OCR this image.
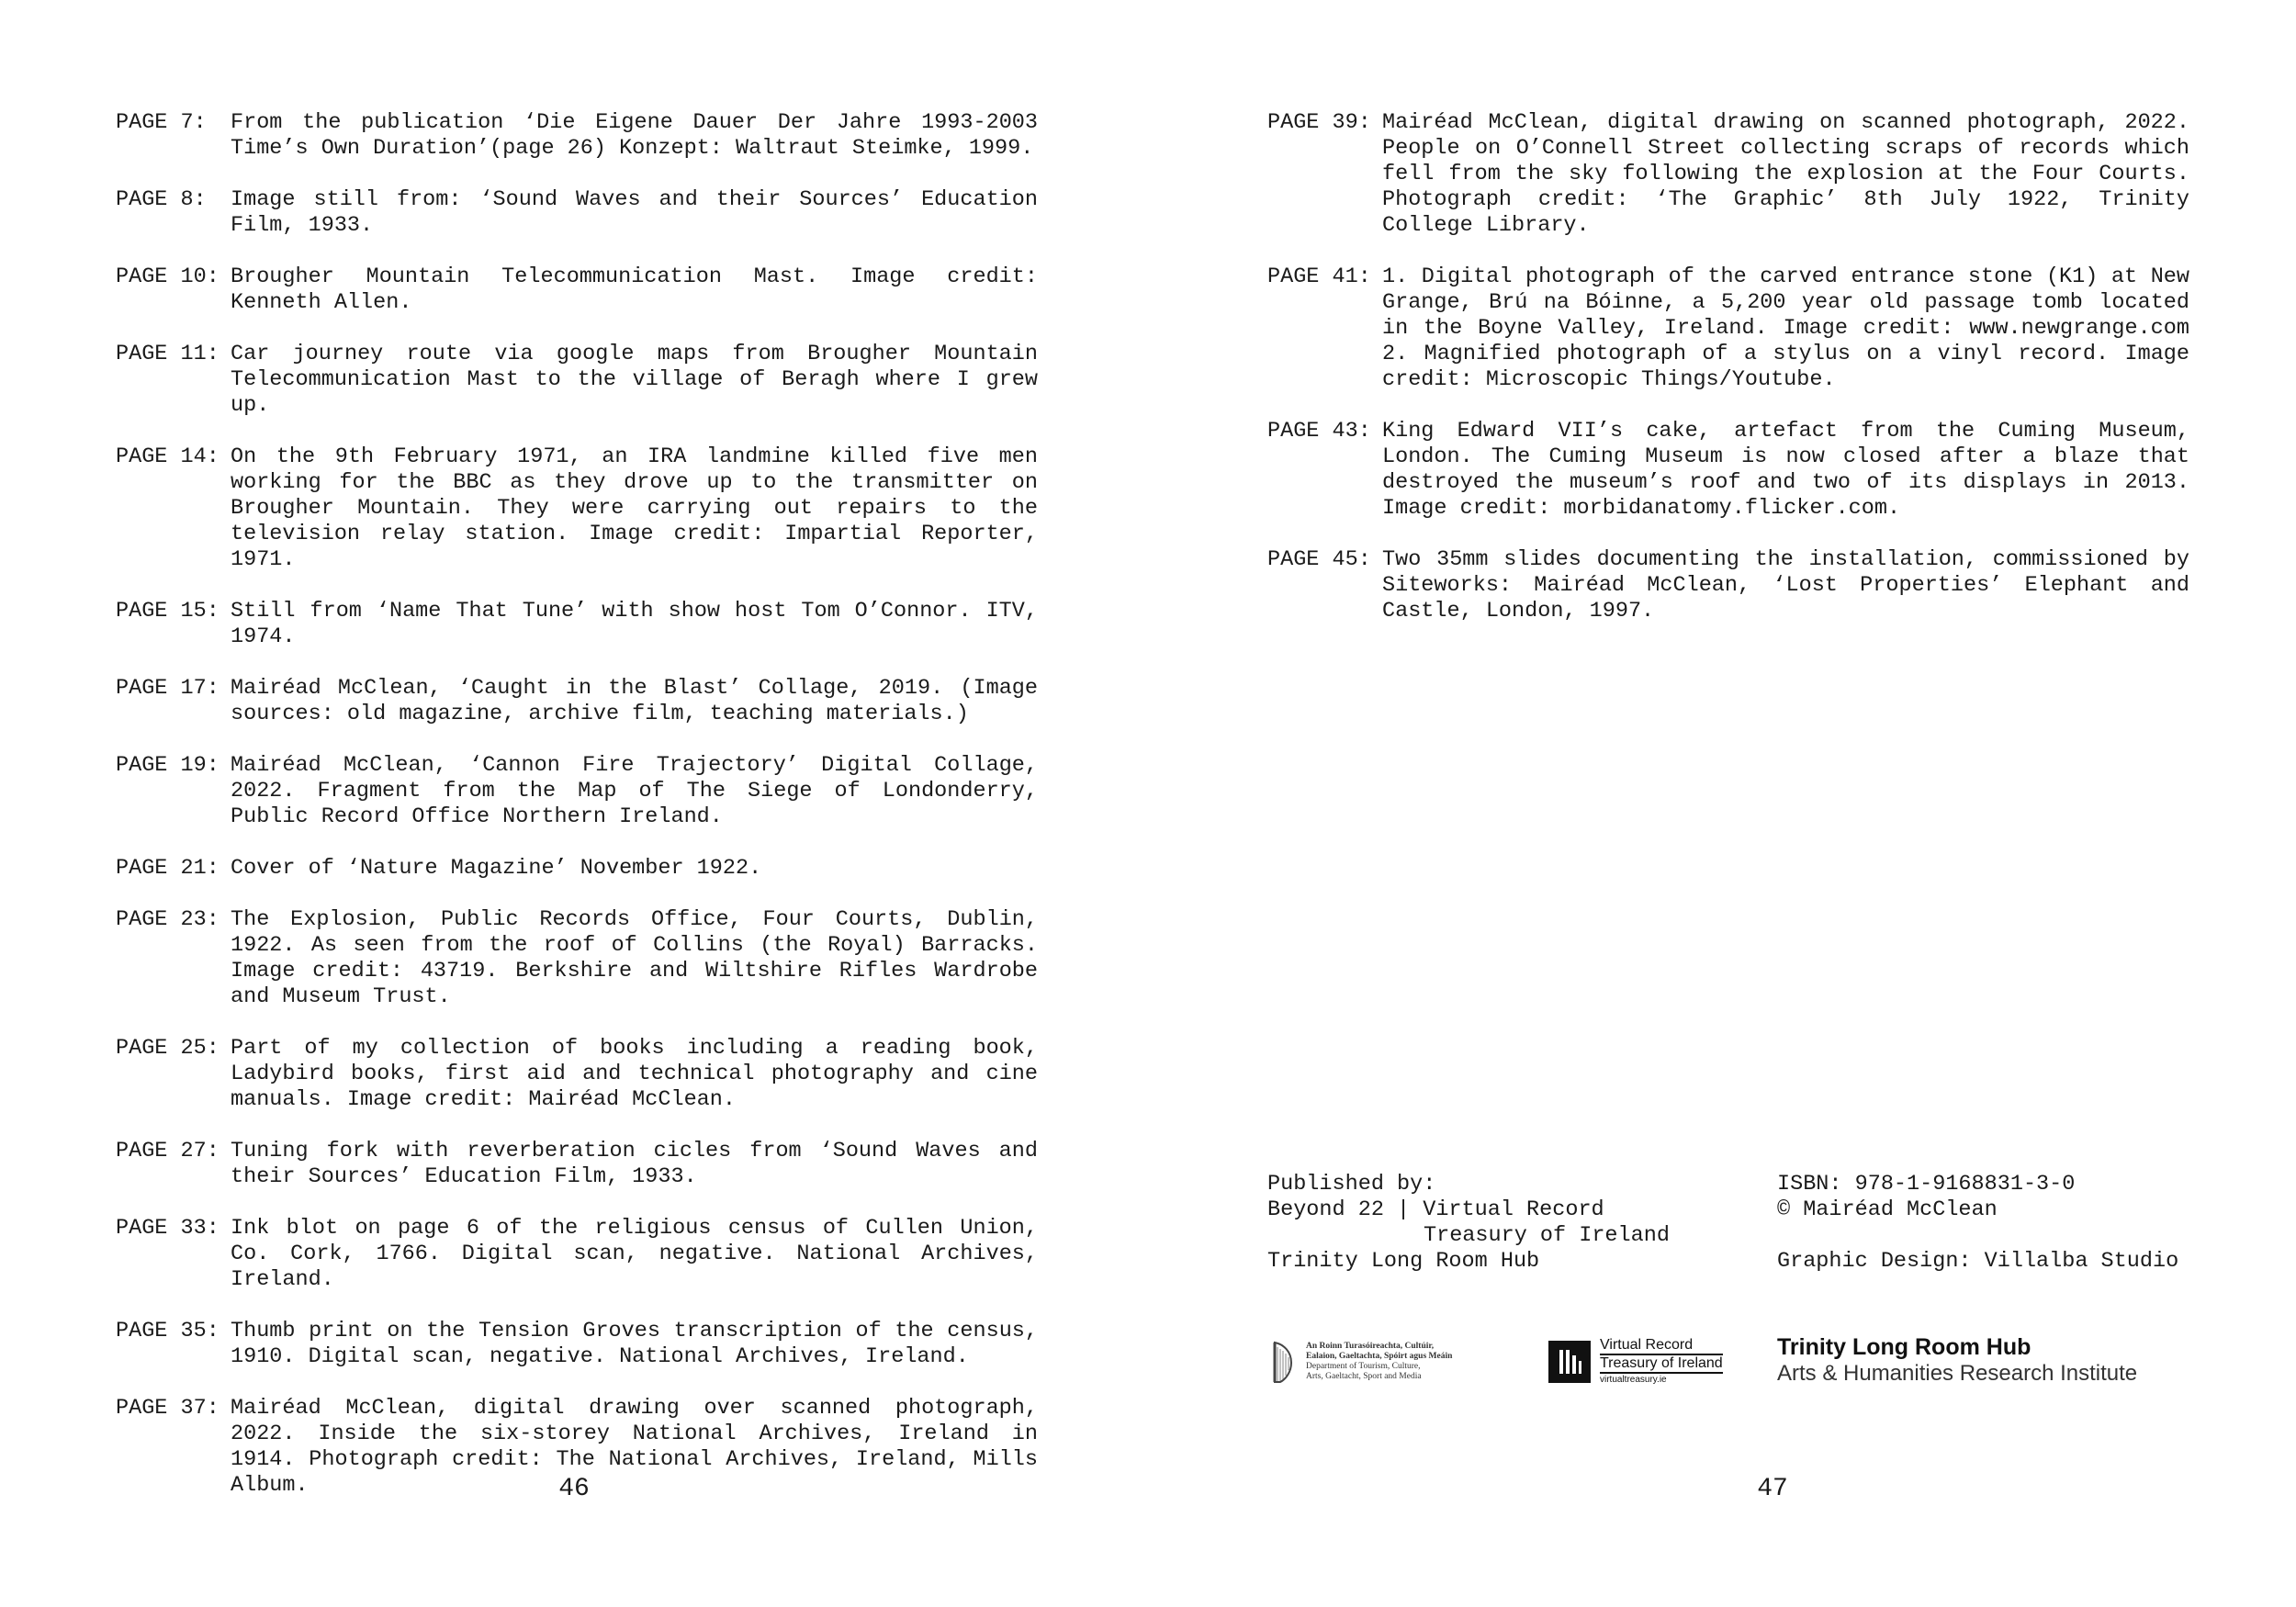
PAGE 7:	From the publication ‘Die Eigene Dauer Der Jahre 1993-2003 Time’s Own Duration’(page 26) Konzept: Waltraut Steimke, 1999.
PAGE 8:	Image still from: ‘Sound Waves and their Sources’ Education Film, 1933.
PAGE 10: Brougher Mountain Telecommunication Mast. Image credit: Kenneth Allen.
PAGE 11: Car journey route via google maps from Brougher Mountain Telecommunication Mast to the village of Beragh where I grew up.
PAGE 14: On the 9th February 1971, an IRA landmine killed five men working for the BBC as they drove up to the transmitter on Brougher Mountain. They were carrying out repairs to the television relay station. Image credit: Impartial Reporter, 1971.
PAGE 15: Still from ‘Name That Tune’ with show host Tom O’Connor. ITV, 1974.
PAGE 17: Mairéad McClean, ‘Caught in the Blast’ Collage, 2019. (Image sources: old magazine, archive film, teaching materials.)
PAGE 19: Mairéad McClean, ‘Cannon Fire Trajectory’ Digital Collage, 2022. Fragment from the Map of The Siege of Londonderry, Public Record Office Northern Ireland.
PAGE 21: Cover of ‘Nature Magazine’ November 1922.
PAGE 23: The Explosion, Public Records Office, Four Courts, Dublin, 1922. As seen from the roof of Collins (the Royal) Barracks. Image credit: 43719. Berkshire and Wiltshire Rifles Wardrobe and Museum Trust.
PAGE 25: Part of my collection of books including a reading book, Ladybird books, first aid and technical photography and cine manuals. Image credit: Mairéad McClean.
PAGE 27: Tuning fork with reverberation cicles from ‘Sound Waves and their Sources’ Education Film, 1933.
PAGE 33: Ink blot on page 6 of the religious census of Cullen Union, Co. Cork, 1766. Digital scan, negative. National Archives, Ireland.
PAGE 35: Thumb print on the Tension Groves transcription of the census, 1910. Digital scan, negative. National Archives, Ireland.
PAGE 37: Mairéad McClean, digital drawing over scanned photograph, 2022. Inside the six-storey National Archives, Ireland in 1914. Photograph credit: The National Archives, Ireland, Mills Album.	46
PAGE 39: Mairéad McClean, digital drawing on scanned photograph, 2022. People on O’Connell Street collecting scraps of records which fell from the sky following the explosion at the Four Courts. Photograph credit: ‘The Graphic’ 8th July 1922, Trinity College Library.
PAGE 41: 1. Digital photograph of the carved entrance stone (K1) at New Grange, Brú na Bóinne, a 5,200 year old passage tomb located in the Boyne Valley, Ireland. Image credit: www.newgrange.com 2. Magnified photograph of a stylus on a vinyl record. Image credit: Microscopic Things/Youtube.
PAGE 43: King Edward VII’s cake, artefact from the Cuming Museum, London. The Cuming Museum is now closed after a blaze that destroyed the museum’s roof and two of its displays in 2013. Image credit: morbidanatomy.flicker.com.
PAGE 45: Two 35mm slides documenting the installation, commissioned by Siteworks: Mairéad McClean, ‘Lost Properties’ Elephant and Castle, London, 1997.
Published by:
Beyond 22 | Virtual Record
Treasury of Ireland
Trinity Long Room Hub
ISBN: 978-1-9168831-3-0
© Mairéad McClean
Graphic Design: Villalba Studio
An Roinn Turasóireachta, Cultúir,
Ealaion, Gaeltachta, Spóirt agus Meáin
Department of Tourism, Culture,
Arts, Gaeltacht, Sport and Media
Virtual Record
Treasury of Ireland
virtualtreasury.ie
Trinity Long Room Hub
Arts & Humanities Research Institute
47
